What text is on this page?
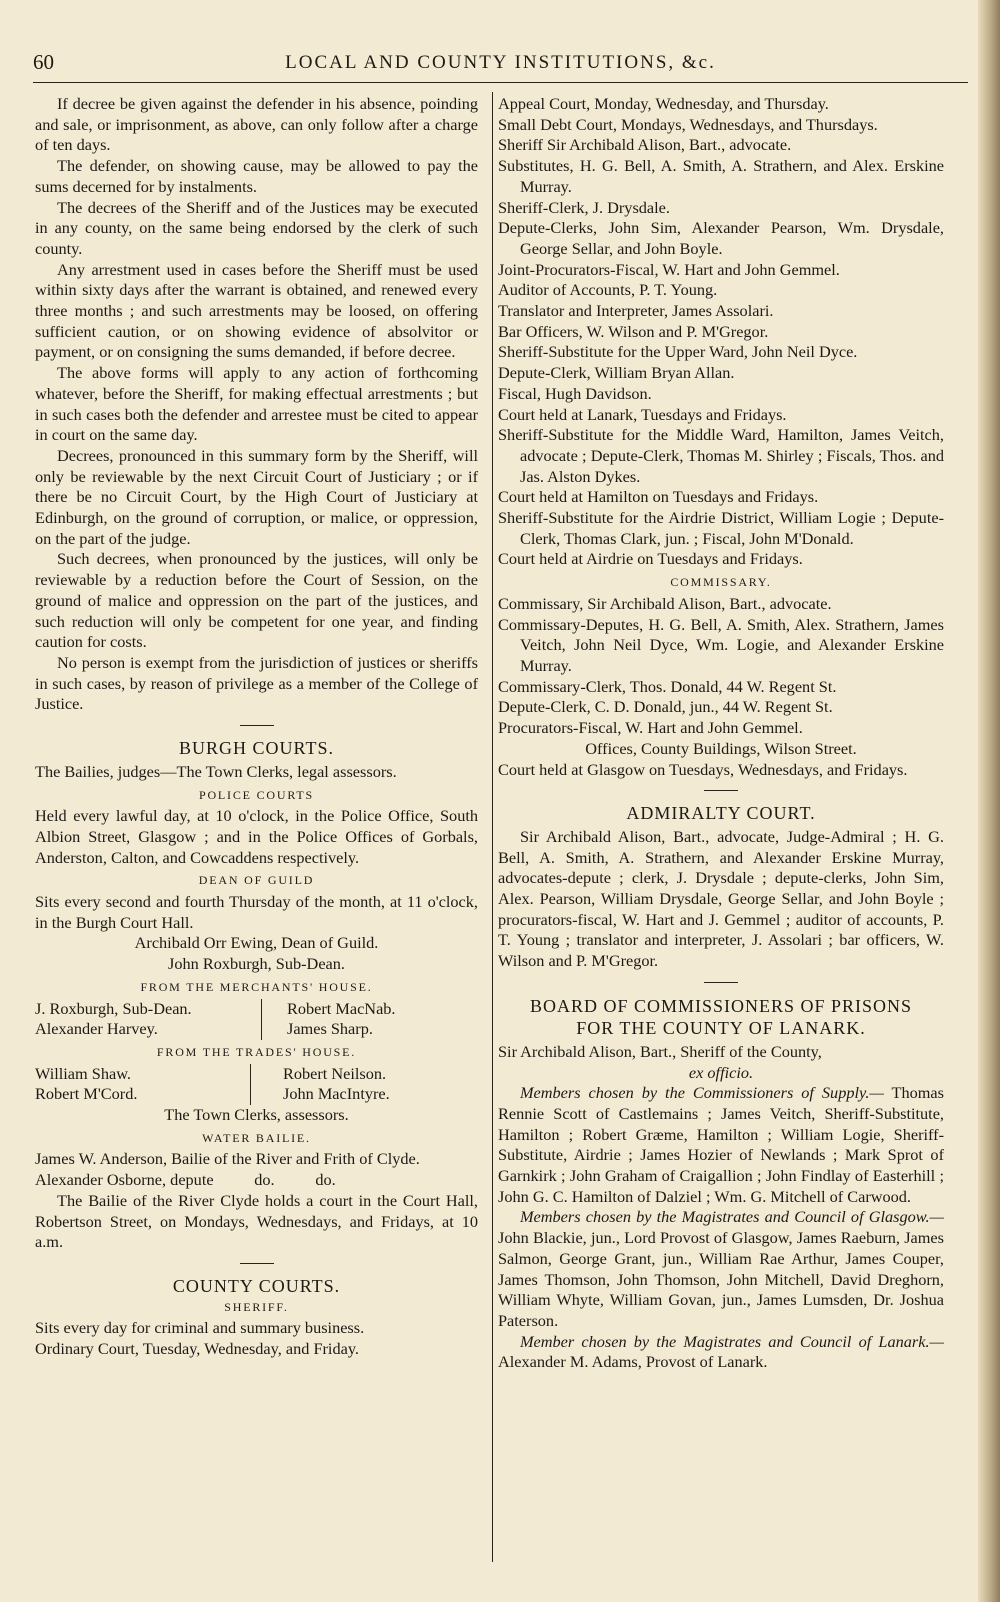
60	LOCAL AND COUNTY INSTITUTIONS, &c.

If decree be given against the defender in his absence, poinding and sale, or imprisonment, as above, can only follow after a charge of ten days.

The defender, on showing cause, may be allowed to pay the sums decerned for by instalments.

The decrees of the Sheriff and of the Justices may be executed in any county, on the same being endorsed by the clerk of such county.

Any arrestment used in cases before the Sheriff must be used within sixty days after the warrant is obtained, and renewed every three months ; and such arrestments may be loosed, on offering sufficient caution, or on showing evidence of absolvitor or payment, or on consigning the sums demanded, if before decree.

The above forms will apply to any action of forthcoming whatever, before the Sheriff, for making effectual arrestments ; but in such cases both the defender and arrestee must be cited to appear in court on the same day.

Decrees, pronounced in this summary form by the Sheriff, will only be reviewable by the next Circuit Court of Justiciary ; or if there be no Circuit Court, by the High Court of Justiciary at Edinburgh, on the ground of corruption, or malice, or oppression, on the part of the judge.

Such decrees, when pronounced by the justices, will only be reviewable by a reduction before the Court of Session, on the ground of malice and oppression on the part of the justices, and such reduction will only be competent for one year, and finding caution for costs.

No person is exempt from the jurisdiction of justices or sheriffs in such cases, by reason of privilege as a member of the College of Justice.

BURGH COURTS.

The Bailies, judges—The Town Clerks, legal assessors.

POLICE COURTS

Held every lawful day, at 10 o'clock, in the Police Office, South Albion Street, Glasgow ; and in the Police Offices of Gorbals, Anderston, Calton, and Cowcaddens respectively.

DEAN OF GUILD

Sits every second and fourth Thursday of the month, at 11 o'clock, in the Burgh Court Hall.

Archibald Orr Ewing, Dean of Guild.

John Roxburgh, Sub-Dean.

FROM THE MERCHANTS' HOUSE.
J. Roxburgh, Sub-Dean.
Alexander Harvey.
Robert MacNab.
James Sharp.
FROM THE TRADES' HOUSE.
William Shaw.
Robert M'Cord.
Robert Neilson.
John MacIntyre.

The Town Clerks, assessors.

WATER BAILIE.

James W. Anderson, Bailie of the River and Frith of Clyde.

Alexander Osborne, depute          do.          do.

The Bailie of the River Clyde holds a court in the Court Hall, Robertson Street, on Mondays, Wednesdays, and Fridays, at 10 a.m.

COUNTY COURTS.
SHERIFF.

Sits every day for criminal and summary business.

Ordinary Court, Tuesday, Wednesday, and Friday.

Appeal Court, Monday, Wednesday, and Thursday.

Small Debt Court, Mondays, Wednesdays, and Thursdays.

Sheriff Sir Archibald Alison, Bart., advocate.

Substitutes, H. G. Bell, A. Smith, A. Strathern, and Alex. Erskine Murray.

Sheriff-Clerk, J. Drysdale.

Depute-Clerks, John Sim, Alexander Pearson, Wm. Drysdale, George Sellar, and John Boyle.

Joint-Procurators-Fiscal, W. Hart and John Gemmel.

Auditor of Accounts, P. T. Young.

Translator and Interpreter, James Assolari.

Bar Officers, W. Wilson and P. M'Gregor.

Sheriff-Substitute for the Upper Ward, John Neil Dyce.

Depute-Clerk, William Bryan Allan.

Fiscal, Hugh Davidson.

Court held at Lanark, Tuesdays and Fridays.

Sheriff-Substitute for the Middle Ward, Hamilton, James Veitch, advocate ; Depute-Clerk, Thomas M. Shirley ; Fiscals, Thos. and Jas. Alston Dykes.

Court held at Hamilton on Tuesdays and Fridays.

Sheriff-Substitute for the Airdrie District, William Logie ; Depute-Clerk, Thomas Clark, jun. ; Fiscal, John M'Donald.

Court held at Airdrie on Tuesdays and Fridays.

COMMISSARY.

Commissary, Sir Archibald Alison, Bart., advocate.

Commissary-Deputes, H. G. Bell, A. Smith, Alex. Strathern, James Veitch, John Neil Dyce, Wm. Logie, and Alexander Erskine Murray.

Commissary-Clerk, Thos. Donald, 44 W. Regent St.

Depute-Clerk, C. D. Donald, jun., 44 W. Regent St.

Procurators-Fiscal, W. Hart and John Gemmel.

Offices, County Buildings, Wilson Street.

Court held at Glasgow on Tuesdays, Wednesdays, and Fridays.

ADMIRALTY COURT.

Sir Archibald Alison, Bart., advocate, Judge-Admiral ; H. G. Bell, A. Smith, A. Strathern, and Alexander Erskine Murray, advocates-depute ; clerk, J. Drysdale ; depute-clerks, John Sim, Alex. Pearson, William Drysdale, George Sellar, and John Boyle ; procurators-fiscal, W. Hart and J. Gemmel ; auditor of accounts, P. T. Young ; translator and interpreter, J. Assolari ; bar officers, W. Wilson and P. M'Gregor.

BOARD OF COMMISSIONERS OF PRISONS
FOR THE COUNTY OF LANARK.

Sir Archibald Alison, Bart., Sheriff of the County,

ex officio.

Members chosen by the Commissioners of Supply.— Thomas Rennie Scott of Castlemains ; James Veitch, Sheriff-Substitute, Hamilton ; Robert Græme, Hamilton ; William Logie, Sheriff-Substitute, Airdrie ; James Hozier of Newlands ; Mark Sprot of Garnkirk ; John Graham of Craigallion ; John Findlay of Easterhill ; John G. C. Hamilton of Dalziel ; Wm. G. Mitchell of Carwood.

Members chosen by the Magistrates and Council of Glasgow.—John Blackie, jun., Lord Provost of Glasgow, James Raeburn, James Salmon, George Grant, jun., William Rae Arthur, James Couper, James Thomson, John Thomson, John Mitchell, David Dreghorn, William Whyte, William Govan, jun., James Lumsden, Dr. Joshua Paterson.

Member chosen by the Magistrates and Council of Lanark.— Alexander M. Adams, Provost of Lanark.
